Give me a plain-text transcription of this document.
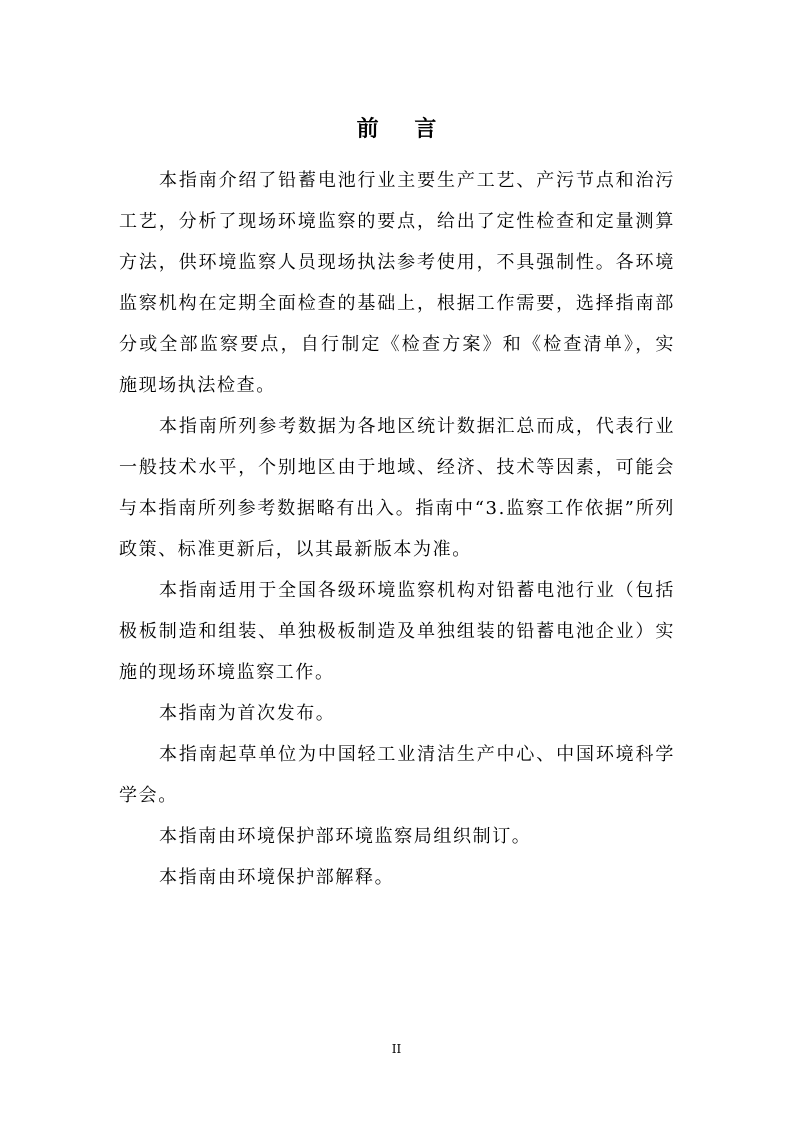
前 言

本指南介绍了铅蓄电池行业主要生产工艺、产污节点和治污工艺，分析了现场环境监察的要点，给出了定性检查和定量测算方法，供环境监察人员现场执法参考使用，不具强制性。各环境监察机构在定期全面检查的基础上，根据工作需要，选择指南部分或全部监察要点，自行制定《检查方案》和《检查清单》，实施现场执法检查。

本指南所列参考数据为各地区统计数据汇总而成，代表行业一般技术水平，个别地区由于地域、经济、技术等因素，可能会与本指南所列参考数据略有出入。指南中“3.监察工作依据”所列政策、标准更新后，以其最新版本为准。

本指南适用于全国各级环境监察机构对铅蓄电池行业（包括极板制造和组装、单独极板制造及单独组装的铅蓄电池企业）实施的现场环境监察工作。

本指南为首次发布。

本指南起草单位为中国轻工业清洁生产中心、中国环境科学学会。

本指南由环境保护部环境监察局组织制订。

本指南由环境保护部解释。

II
